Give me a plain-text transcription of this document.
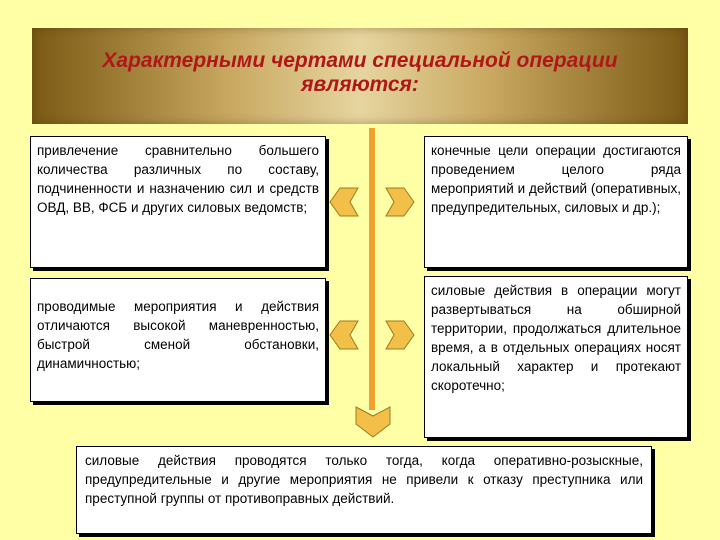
Характерными чертами специальной операции
являются:

привлечение сравнительно большего количества различных по составу, подчиненности и назначению сил и средств ОВД, ВВ, ФСБ и других силовых ведомств;

проводимые мероприятия и действия отличаются высокой маневренностью, быстрой сменой обстановки, динамичностью;

конечные цели операции достигаются проведением целого ряда мероприятий и действий (оперативных, предупредительных, силовых и др.);

силовые действия в операции могут развертываться на обширной территории, продолжаться длительное время, а в отдельных операциях носят локальный характер и протекают скоротечно;

силовые действия проводятся только тогда, когда оперативно-розыскные, предупредительные и другие мероприятия не привели к отказу преступника или преступной группы от противоправных действий.
